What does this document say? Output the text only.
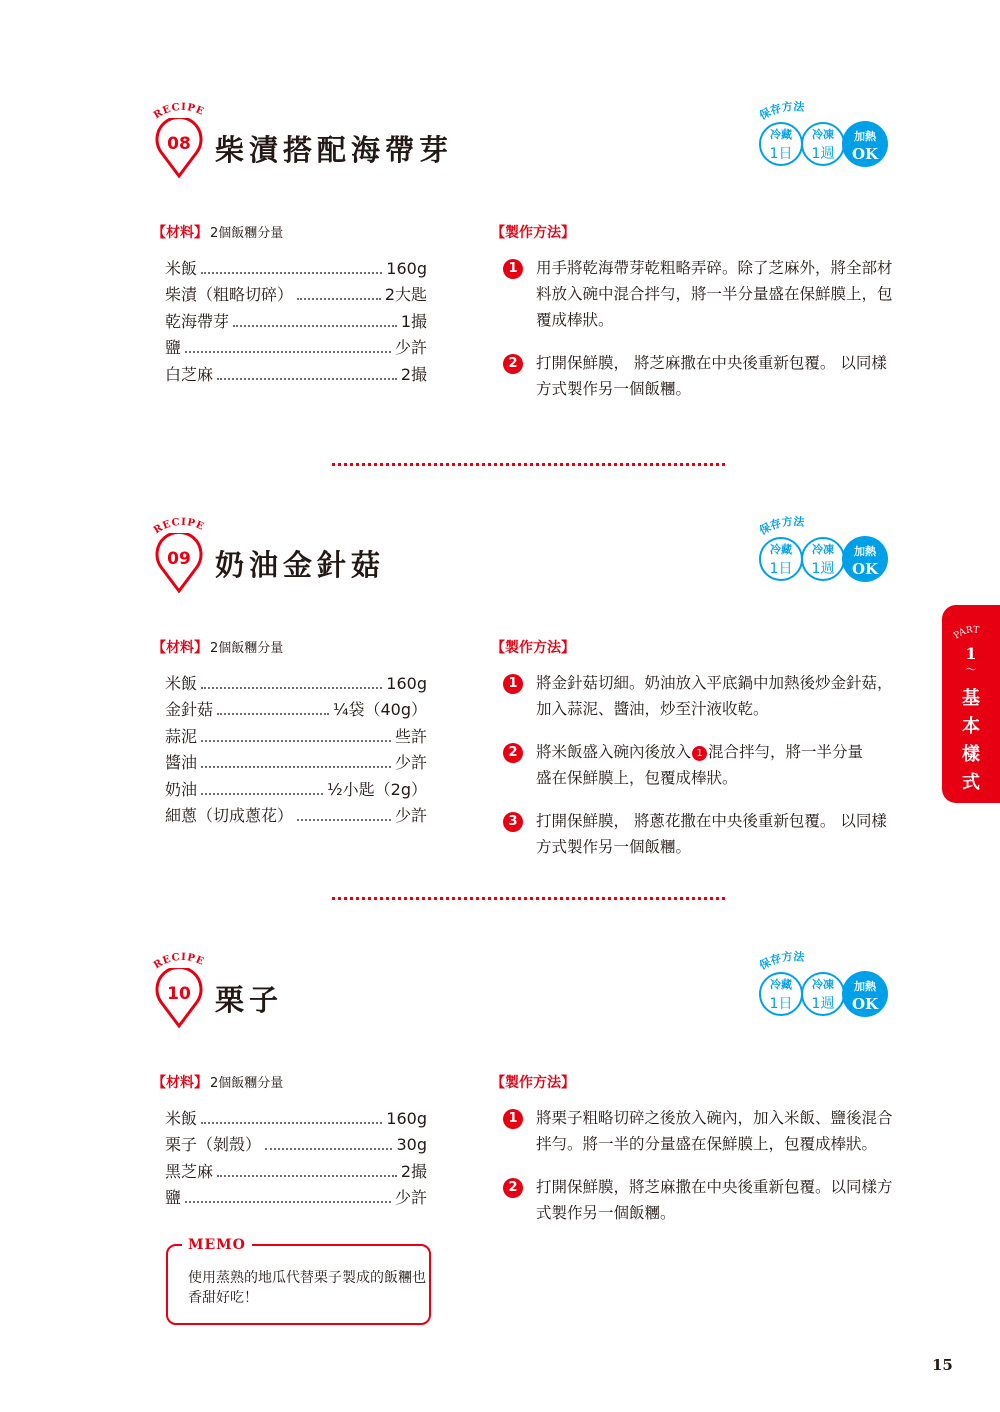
RECIPE
08 柴漬搭配海帶芽
保存方法
冷藏
1日
冷凍
1週
加熱
OK
【材料】 2個飯糰分量	【製作方法】
米飯	160g
柴漬（粗略切碎）	2大匙
乾海帶芽	1撮
鹽	少許
白芝麻	2撮
1	用手將乾海帶芽乾粗略弄碎。除了芝麻外，將全部材料放入碗中混合拌勻，將一半分量盛在保鮮膜上，包覆成棒狀。
2	打開保鮮膜， 將芝麻撒在中央後重新包覆。 以同樣方式製作另一個飯糰。
RECIPE
09 奶油金針菇
保存方法
冷藏
1日
冷凍
1週
加熱
OK
【材料】 2個飯糰分量	【製作方法】
米飯	160g
金針菇	¼袋（40g）
蒜泥	些許
醬油	少許
奶油	½小匙（2g）
細蔥（切成蔥花）	少許
1	將金針菇切細。奶油放入平底鍋中加熱後炒金針菇，加入蒜泥、醬油，炒至汁液收乾。
2	將米飯盛入碗內後放入 1 混合拌勻，將一半分量
盛在保鮮膜上，包覆成棒狀。
3	打開保鮮膜， 將蔥花撒在中央後重新包覆。 以同樣方式製作另一個飯糰。
RECIPE
10 栗子
保存方法
冷藏
1日
冷凍
1週
加熱
OK
【材料】 2個飯糰分量	【製作方法】
米飯	160g
栗子（剝殼）	30g
黑芝麻	2撮
鹽	少許
1	將栗子粗略切碎之後放入碗內，加入米飯、鹽後混合拌勻。將一半的分量盛在保鮮膜上，包覆成棒狀。
2	打開保鮮膜，將芝麻撒在中央後重新包覆。以同樣方式製作另一個飯糰。
MEMO

使用蒸熟的地瓜代替栗子製成的飯糰也香甜好吃！

PART
1
〜
基
本
樣
式
15
